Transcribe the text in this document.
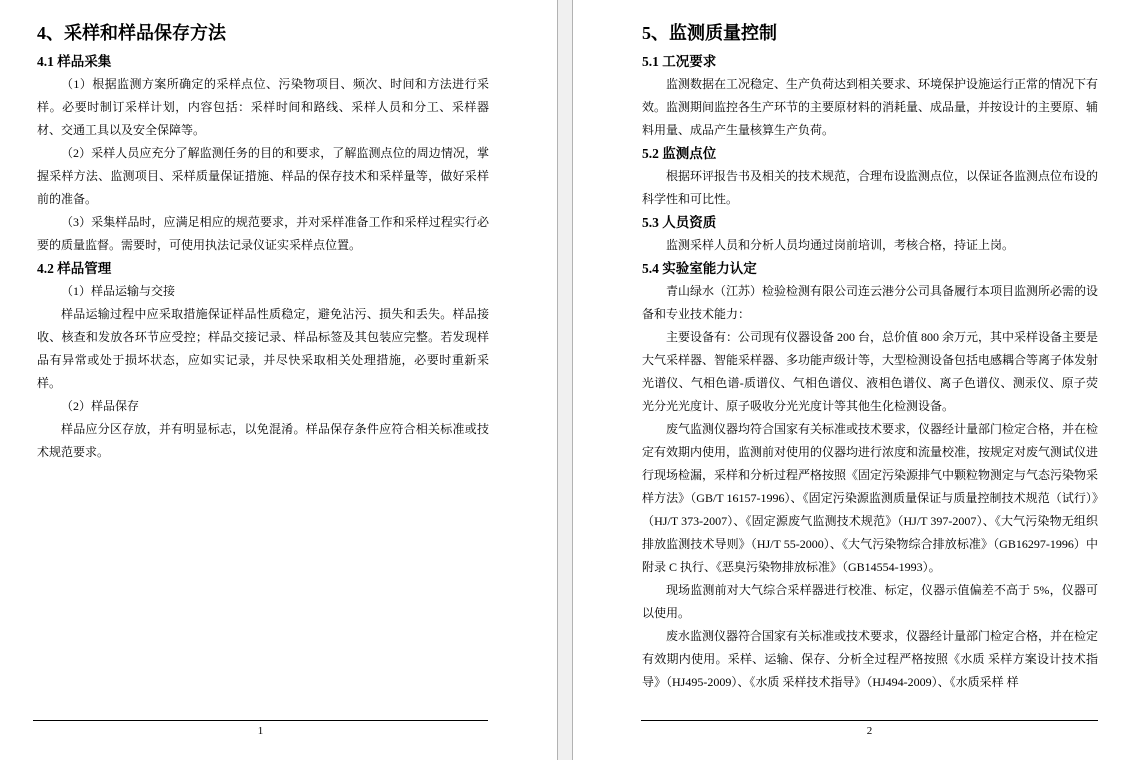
4、采样和样品保存方法
4.1 样品采集

（1）根据监测方案所确定的采样点位、污染物项目、频次、时间和方法进行采样。必要时制订采样计划，内容包括：采样时间和路线、采样人员和分工、采样器材、交通工具以及安全保障等。

（2）采样人员应充分了解监测任务的目的和要求，了解监测点位的周边情况，掌握采样方法、监测项目、采样质量保证措施、样品的保存技术和采样量等，做好采样前的准备。

（3）采集样品时，应满足相应的规范要求，并对采样准备工作和采样过程实行必要的质量监督。需要时，可使用执法记录仪证实采样点位置。

4.2 样品管理

（1）样品运输与交接

样品运输过程中应采取措施保证样品性质稳定，避免沾污、损失和丢失。样品接收、核查和发放各环节应受控；样品交接记录、样品标签及其包装应完整。若发现样品有异常或处于损坏状态，应如实记录，并尽快采取相关处理措施，必要时重新采样。

（2）样品保存

样品应分区存放，并有明显标志，以免混淆。样品保存条件应符合相关标准或技术规范要求。

1
5、监测质量控制
5.1 工况要求

监测数据在工况稳定、生产负荷达到相关要求、环境保护设施运行正常的情况下有效。监测期间监控各生产环节的主要原材料的消耗量、成品量，并按设计的主要原、辅料用量、成品产生量核算生产负荷。

5.2 监测点位

根据环评报告书及相关的技术规范，合理布设监测点位，以保证各监测点位布设的科学性和可比性。

5.3 人员资质

监测采样人员和分析人员均通过岗前培训，考核合格，持证上岗。

5.4 实验室能力认定

青山绿水（江苏）检验检测有限公司连云港分公司具备履行本项目监测所必需的设备和专业技术能力：

主要设备有：公司现有仪器设备 200 台，总价值 800 余万元，其中采样设备主要是大气采样器、智能采样器、多功能声级计等，大型检测设备包括电感耦合等离子体发射光谱仪、气相色谱-质谱仪、气相色谱仪、液相色谱仪、离子色谱仪、测汞仪、原子荧光分光光度计、原子吸收分光光度计等其他生化检测设备。

废气监测仪器均符合国家有关标准或技术要求，仪器经计量部门检定合格，并在检定有效期内使用，监测前对使用的仪器均进行浓度和流量校准，按规定对废气测试仪进行现场检漏，采样和分析过程严格按照《固定污染源排气中颗粒物测定与气态污染物采样方法》（GB/T 16157-1996）、《固定污染源监测质量保证与质量控制技术规范（试行）》（HJ/T 373-2007）、《固定源废气监测技术规范》（HJ/T 397-2007）、《大气污染物无组织排放监测技术导则》（HJ/T 55-2000）、《大气污染物综合排放标准》（GB16297-1996）中附录 C 执行、《恶臭污染物排放标准》（GB14554-1993）。

现场监测前对大气综合采样器进行校准、标定，仪器示值偏差不高于 5%，仪器可以使用。

废水监测仪器符合国家有关标准或技术要求，仪器经计量部门检定合格，并在检定有效期内使用。采样、运输、保存、分析全过程严格按照《水质 采样方案设计技术指导》（HJ495-2009）、《水质 采样技术指导》（HJ494-2009）、《水质采样 样

2
